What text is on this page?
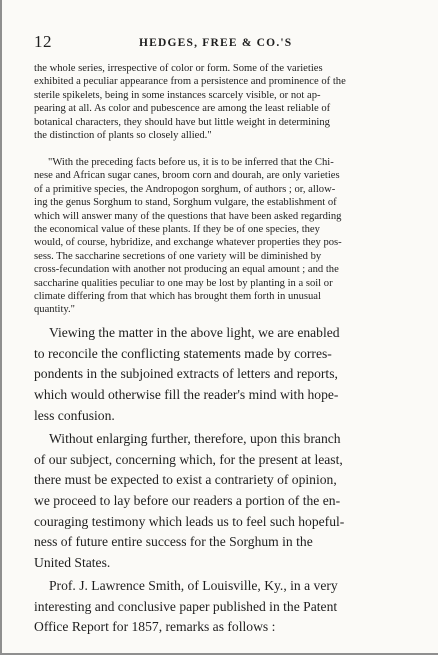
12	HEDGES, FREE & CO.'S
the whole series, irrespective of color or form. Some of the varieties
exhibited a peculiar appearance from a persistence and prominence of the
sterile spikelets, being in some instances scarcely visible, or not ap-
pearing at all. As color and pubescence are among the least reliable of
botanical characters, they should have but little weight in determining
the distinction of plants so closely allied."
"With the preceding facts before us, it is to be inferred that the Chi-
nese and African sugar canes, broom corn and dourah, are only varieties
of a primitive species, the Andropogon sorghum, of authors ; or, allow-
ing the genus Sorghum to stand, Sorghum vulgare, the establishment of
which will answer many of the questions that have been asked regarding
the economical value of these plants. If they be of one species, they
would, of course, hybridize, and exchange whatever properties they pos-
sess. The saccharine secretions of one variety will be diminished by
cross-fecundation with another not producing an equal amount ; and the
saccharine qualities peculiar to one may be lost by planting in a soil or
climate differing from that which has brought them forth in unusual
quantity."
Viewing the matter in the above light, we are enabled
to reconcile the conflicting statements made by corres-
pondents in the subjoined extracts of letters and reports,
which would otherwise fill the reader's mind with hope-
less confusion.
Without enlarging further, therefore, upon this branch
of our subject, concerning which, for the present at least,
there must be expected to exist a contrariety of opinion,
we proceed to lay before our readers a portion of the en-
couraging testimony which leads us to feel such hopeful-
ness of future entire success for the Sorghum in the
United States.
Prof. J. Lawrence Smith, of Louisville, Ky., in a very
interesting and conclusive paper published in the Patent
Office Report for 1857, remarks as follows :
